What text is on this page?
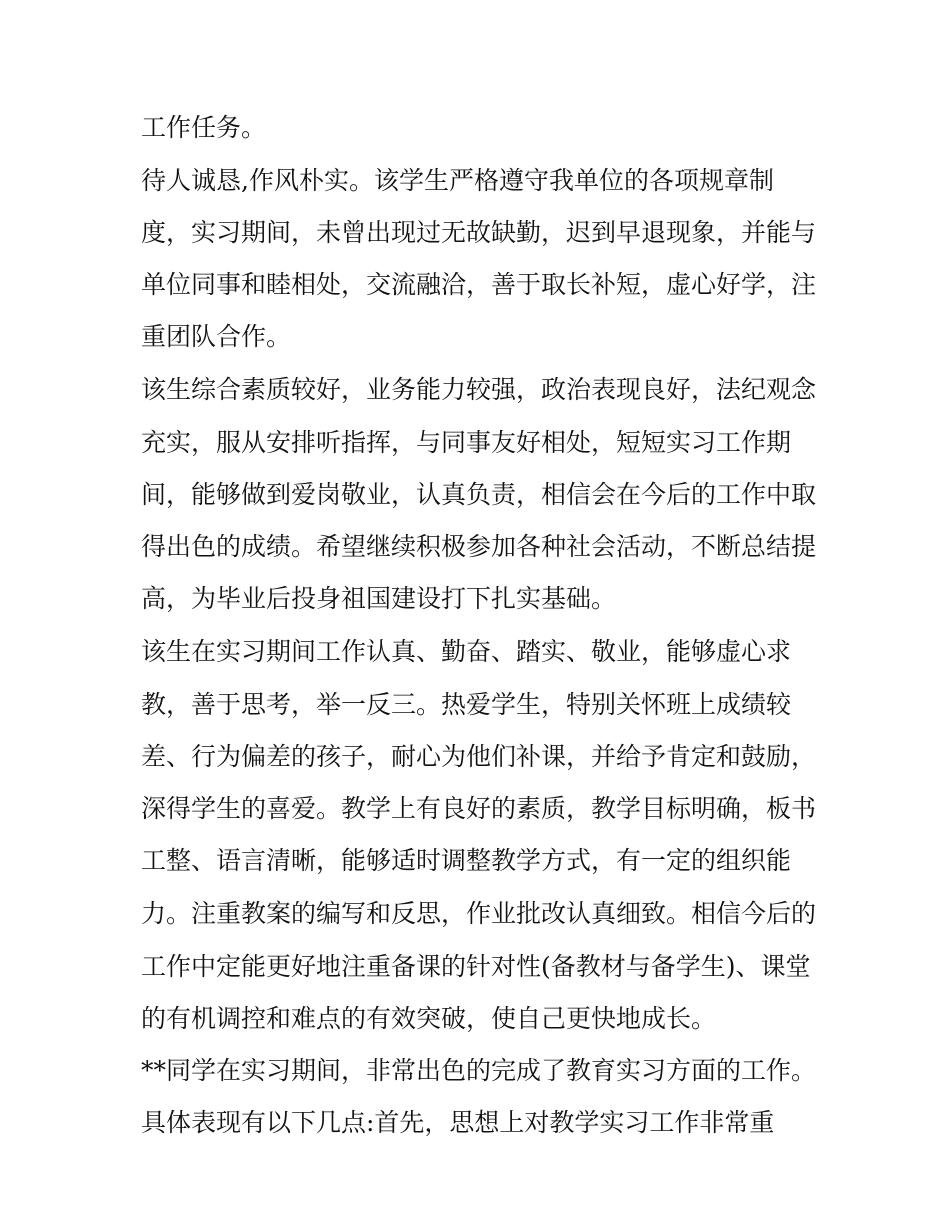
工作任务。

待人诚恳,作风朴实。该学生严格遵守我单位的各项规章制

度，实习期间，未曾出现过无故缺勤，迟到早退现象，并能与

单位同事和睦相处，交流融洽，善于取长补短，虚心好学，注

重团队合作。

该生综合素质较好，业务能力较强，政治表现良好，法纪观念

充实，服从安排听指挥，与同事友好相处，短短实习工作期

间，能够做到爱岗敬业，认真负责，相信会在今后的工作中取

得出色的成绩。希望继续积极参加各种社会活动，不断总结提

高，为毕业后投身祖国建设打下扎实基础。

该生在实习期间工作认真、勤奋、踏实、敬业，能够虚心求

教，善于思考，举一反三。热爱学生，特别关怀班上成绩较

差、行为偏差的孩子，耐心为他们补课，并给予肯定和鼓励，

深得学生的喜爱。教学上有良好的素质，教学目标明确，板书

工整、语言清晰，能够适时调整教学方式，有一定的组织能

力。注重教案的编写和反思，作业批改认真细致。相信今后的

工作中定能更好地注重备课的针对性(备教材与备学生)、课堂

的有机调控和难点的有效突破，使自己更快地成长。

**同学在实习期间，非常出色的完成了教育实习方面的工作。

具体表现有以下几点:首先，思想上对教学实习工作非常重
